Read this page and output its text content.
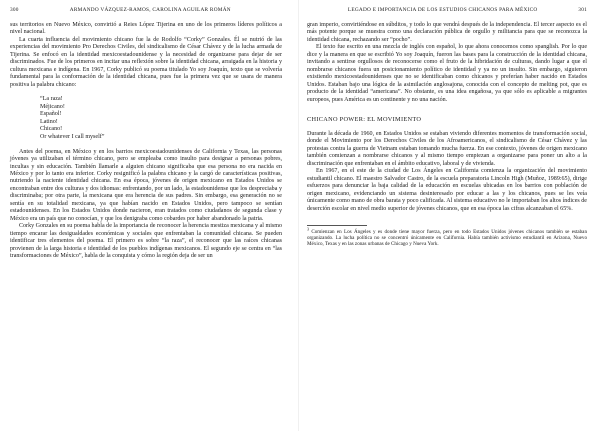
300	ARMANDO VÁZQUEZ-RAMOS, CAROLINA AGUILAR ROMÁN

sus territorios en Nuevo México, convirtió a Reies López Tijerina en uno de los primeros líderes políticos a nivel nacional.

La cuarta influencia del movimiento chicano fue la de Rodolfo “Corky” Gonzales. Él se nutrió de las experiencias del movimiento Pro Derechos Civiles, del sindicalismo de César Chávez y de la lucha armada de Tijerina. Se enfocó en la identidad mexicoestadounidense y la necesidad de organizarse para dejar de ser discriminados. Fue de los primeros en incitar una reflexión sobre la identidad chicana, arraigada en la historia y cultura mexicana e indígena. En 1967, Corky publicó su poema titulado Yo soy Joaquín, texto que se volvería fundamental para la conformación de la identidad chicana, pues fue la primera vez que se usara de manera positiva la palabra chicano:

“La raza!
Méjicano!
Español!
Latino!
Chicano!
Or whatever I call myself”

Antes del poema, en México y en los barrios mexicoestadounidenses de California y Texas, las personas jóvenes ya utilizaban el término chicano, pero se empleaba como insulto para designar a personas pobres, incultas y sin educación. También llamarle a alguien chicano significaba que esa persona no era nacida en México y por lo tanto era inferior. Corky resignificó la palabra chicano y la cargó de características positivas, nutriendo la naciente identidad chicana. En esa época, jóvenes de origen mexicano en Estados Unidos se encontraban entre dos culturas y dos idiomas: enfrentando, por un lado, la estadounidense que los despreciaba y discriminaba; por otra parte, la mexicana que era herencia de sus padres. Sin embargo, esa generación no se sentía en su totalidad mexicana, ya que habían nacido en Estados Unidos, pero tampoco se sentían estadounidenses. En los Estados Unidos donde nacieron, eran tratados como ciudadanos de segunda clase y México era un país que no conocían, y que los denigraba como cobardes por haber abandonado la patria.

Corky Gonzales en su poema habla de la importancia de reconocer la herencia mestiza mexicana y al mismo tiempo encarar las desigualdades económicas y sociales que enfrentaban la comunidad chicana. Se pueden identificar tres elementos del poema. El primero es sobre “la raza”, el reconocer que las raíces chicanas provienen de la larga historia e identidad de los pueblos indígenas mexicanos. El segundo eje se centra en “las transformaciones de México”, habla de la conquista y cómo la región deja de ser un

LEGADO E IMPORTANCIA DE LOS ESTUDIOS CHICANOS PARA MÉXICO	301

gran imperio, convirtiéndose en súbditos, y todo lo que vendrá después de la independencia. El tercer aspecto es el más potente porque se muestra como una declaración pública de orgullo y militancia para que se reconozca la identidad chicana, rechazando ser “pocho”.

El texto fue escrito en una mezcla de inglés con español, lo que ahora conocemos como spanglish. Por lo que dice y la manera en que se escribió Yo soy Joaquín, fueron las bases para la construcción de la identidad chicana, invitando a sentirse orgullosos de reconocerse como el fruto de la hibridación de culturas, dando lugar a que el nombrarse chicanos fuera un posicionamiento político de identidad y ya no un insulto. Sin embargo, siguieron existiendo mexicoestadounidenses que no se identificaban como chicanos y preferían haber nacido en Estados Unidos. Estaban bajo una lógica de la asimilación anglosajona, conocida con el concepto de melting pot, que es producto de la identidad “americana”. No obstante, es una idea engañosa, ya que sólo es aplicable a migrantes europeos, pues América es un continente y no una nación.

CHICANO POWER: EL MOVIMIENTO

Durante la década de 1960, en Estados Unidos se estaban viviendo diferentes momentos de transformación social, donde el Movimiento por los Derechos Civiles de los Afroamericanos, el sindicalismo de César Chávez y las protestas contra la guerra de Vietnam estaban tomando mucha fuerza. En ese contexto, jóvenes de origen mexicano también comienzan a nombrarse chicanos y al mismo tiempo empiezan a organizarse para poner un alto a la discriminación que enfrentaban en el ámbito educativo, laboral y de vivienda.

En 1967, en el este de la ciudad de Los Ángeles en California comienza la organización del movimiento estudiantil chicano. El maestro Salvador Castro, de la escuela preparatoria Lincoln High (Muñoz, 1989:65), dirige esfuerzos para denunciar la baja calidad de la educación en escuelas ubicadas en los barrios con población de origen mexicano, evidenciando un sistema desinteresado por educar a las y los chicanos, pues se les veía únicamente como mano de obra barata y poco calificada. Al sistema educativo no le importaban los altos índices de deserción escolar en nivel medio superior de jóvenes chicanos, que en esa época las cifras alcanzaban el 65%.

$^3$ Comienzan en Los Ángeles y es donde tiene mayor fuerza, pero en todo Estados Unidos jóvenes chicanos también se estaban organizando. La lucha política no se concentró únicamente en California. Había también activismo estudiantil en Arizona, Nuevo México, Texas y en las zonas urbanas de Chicago y Nueva York.
